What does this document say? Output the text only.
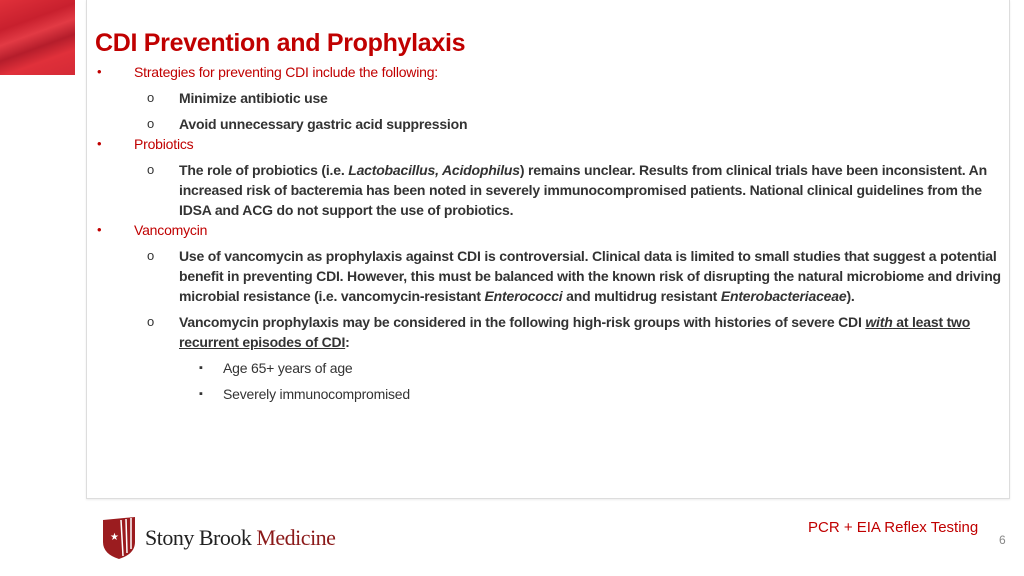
CDI Prevention and Prophylaxis
• Strategies for preventing CDI include the following:
o Minimize antibiotic use
o Avoid unnecessary gastric acid suppression
• Probiotics
o The role of probiotics (i.e. Lactobacillus, Acidophilus) remains unclear. Results from clinical trials have been inconsistent. An increased risk of bacteremia has been noted in severely immunocompromised patients. National clinical guidelines from the IDSA and ACG do not support the use of probiotics.
• Vancomycin
o Use of vancomycin as prophylaxis against CDI is controversial. Clinical data is limited to small studies that suggest a potential benefit in preventing CDI. However, this must be balanced with the known risk of disrupting the natural microbiome and driving microbial resistance (i.e. vancomycin-resistant Enterococci and multidrug resistant Enterobacteriaceae).
o Vancomycin prophylaxis may be considered in the following high-risk groups with histories of severe CDI with at least two recurrent episodes of CDI:
▪ Age 65+ years of age
▪ Severely immunocompromised
★ Stony Brook Medicine	PCR + EIA Reflex Testing
6
